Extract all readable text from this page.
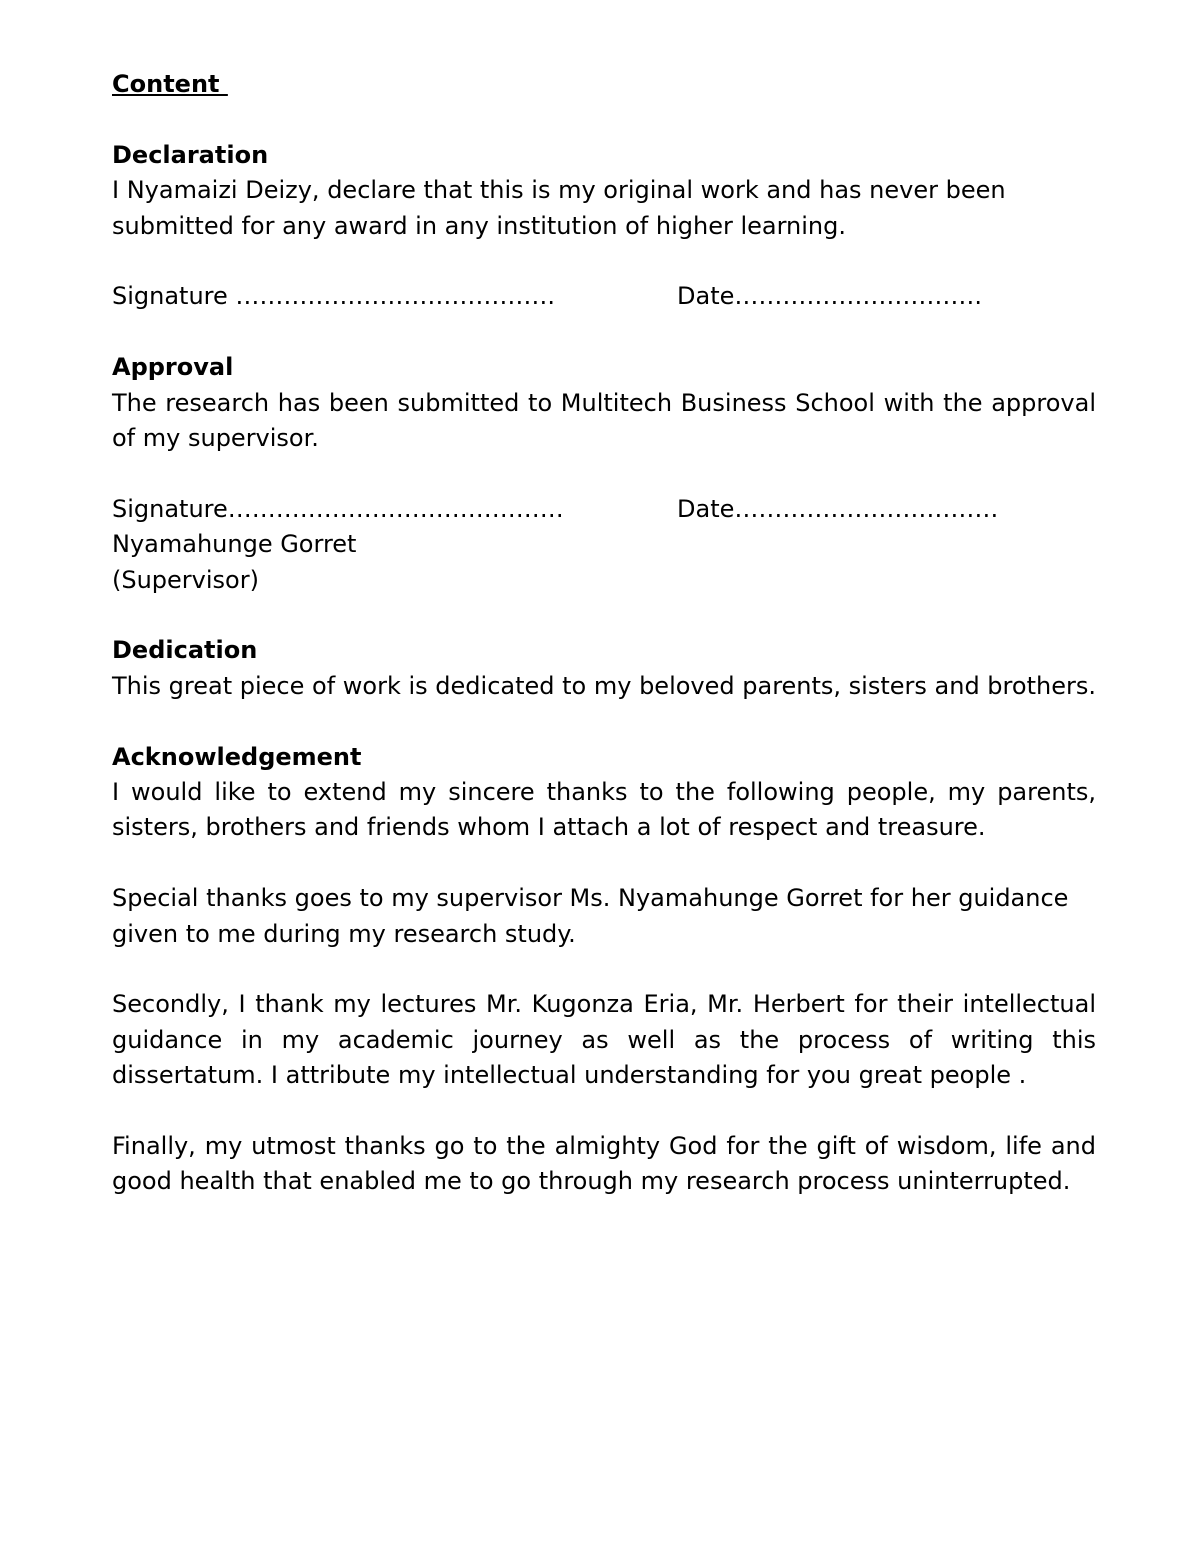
Content
Declaration

I Nyamaizi Deizy, declare that this is my original work and has never been submitted for any award in any institution of higher learning.

Signature ………………………………….

	Date………………………….

Approval

The research has been submitted to Multitech Business School with the approval of my supervisor.

Signature……………………………………

	Date……………………………

Nyamahunge Gorret
(Supervisor)
Dedication

This great piece of work is dedicated to my beloved parents, sisters and brothers.

Acknowledgement

I would like to extend my sincere thanks to the following people, my parents, sisters, brothers and friends whom I attach a lot of respect and treasure.

Special thanks goes to my supervisor Ms. Nyamahunge Gorret for her guidance given to me during my research study.

Secondly, I thank my lectures Mr. Kugonza Eria, Mr. Herbert for their intellectual guidance in my academic journey as well as the process of writing this dissertatum. I attribute my intellectual understanding for you great people .

Finally, my utmost thanks go to the almighty God for the gift of wisdom, life and good health that enabled me to go through my research process uninterrupted.
